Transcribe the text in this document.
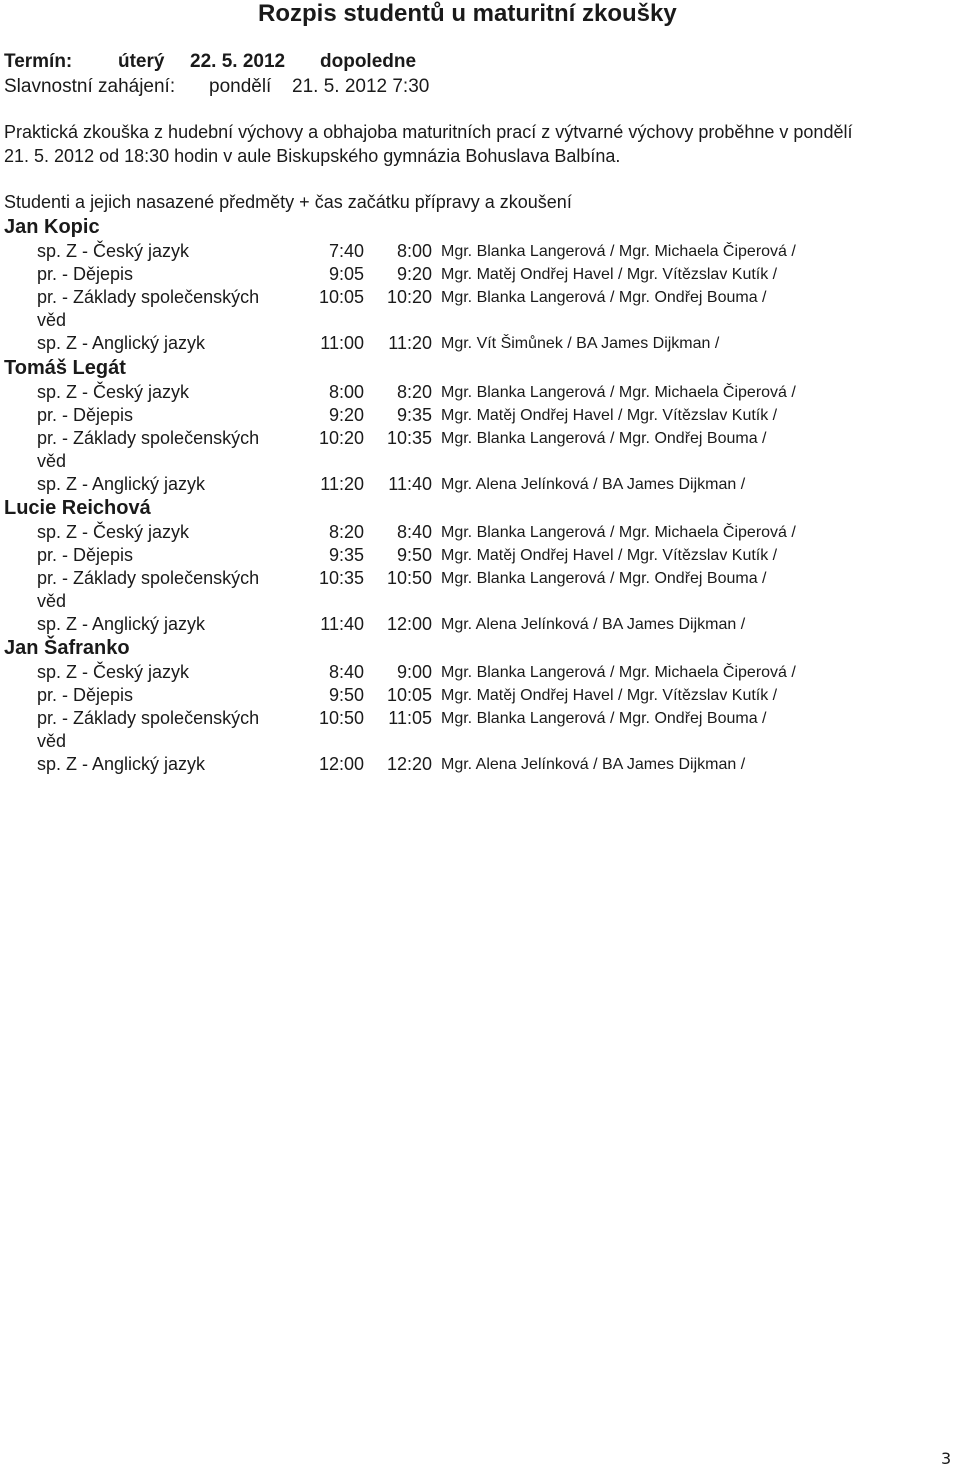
Rozpis studentů u maturitní zkoušky
Termín: úterý 22. 5. 2012 dopoledne
Slavnostní zahájení: pondělí 21. 5. 2012 7:30
Praktická zkouška z hudební výchovy a obhajoba maturitních prací z výtvarné výchovy proběhne v pondělí
21. 5. 2012 od 18:30 hodin v aule Biskupského gymnázia Bohuslava Balbína.
Studenti a jejich nasazené předměty + čas začátku přípravy a zkoušení
Jan Kopic
sp. Z - Český jazyk	7:40	8:00 Mgr. Blanka Langerová / Mgr. Michaela Čiperová /
pr. - Dějepis	9:05	9:20 Mgr. Matěj Ondřej Havel / Mgr. Vítězslav Kutík /
pr. - Základy společenských	10:05	10:20 Mgr. Blanka Langerová / Mgr. Ondřej Bouma /
věd
sp. Z - Anglický jazyk	11:00	11:20 Mgr. Vít Šimůnek / BA James Dijkman /
Tomáš Legát
sp. Z - Český jazyk	8:00	8:20 Mgr. Blanka Langerová / Mgr. Michaela Čiperová /
pr. - Dějepis	9:20	9:35 Mgr. Matěj Ondřej Havel / Mgr. Vítězslav Kutík /
pr. - Základy společenských	10:20	10:35 Mgr. Blanka Langerová / Mgr. Ondřej Bouma /
věd
sp. Z - Anglický jazyk	11:20	11:40 Mgr. Alena Jelínková / BA James Dijkman /
Lucie Reichová
sp. Z - Český jazyk	8:20	8:40 Mgr. Blanka Langerová / Mgr. Michaela Čiperová /
pr. - Dějepis	9:35	9:50 Mgr. Matěj Ondřej Havel / Mgr. Vítězslav Kutík /
pr. - Základy společenských	10:35	10:50 Mgr. Blanka Langerová / Mgr. Ondřej Bouma /
věd
sp. Z - Anglický jazyk	11:40	12:00 Mgr. Alena Jelínková / BA James Dijkman /
Jan Šafranko
sp. Z - Český jazyk	8:40	9:00 Mgr. Blanka Langerová / Mgr. Michaela Čiperová /
pr. - Dějepis	9:50	10:05 Mgr. Matěj Ondřej Havel / Mgr. Vítězslav Kutík /
pr. - Základy společenských	10:50	11:05 Mgr. Blanka Langerová / Mgr. Ondřej Bouma /
věd
sp. Z - Anglický jazyk	12:00	12:20 Mgr. Alena Jelínková / BA James Dijkman /
3
